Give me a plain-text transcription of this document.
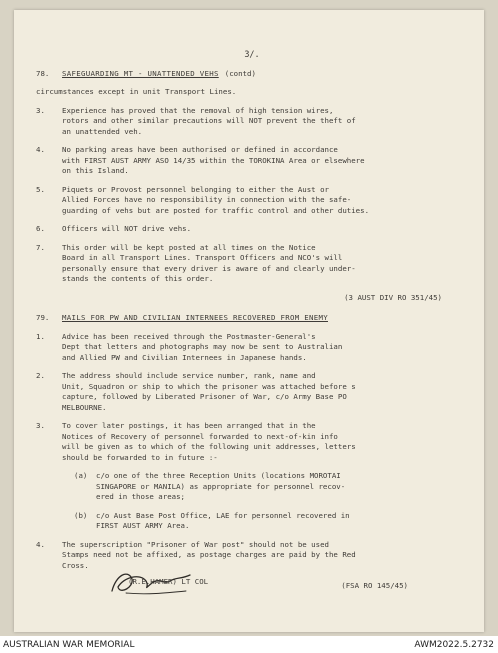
3/.
78.	SAFEGUARDING MT - UNATTENDED VEHS (contd)
circumstances except in unit Transport Lines.
3.	Experience has proved that the removal of high tension wires,
rotors and other similar precautions will NOT prevent the theft of
an unattended veh.
4.	No parking areas have been authorised or defined in accordance
with FIRST AUST ARMY ASO 14/35 within the TOROKINA Area or elsewhere
on this Island.
5.	Piquets or Provost personnel belonging to either the Aust or
Allied Forces have no responsibility in connection with the safe-
guarding of vehs but are posted for traffic control and other duties.
6.	Officers will NOT drive vehs.
7.	This order will be kept posted at all times on the Notice
Board in all Transport Lines. Transport Officers and NCO's will
personally ensure that every driver is aware of and clearly under-
stands the contents of this order.
(3 AUST DIV RO 351/45)
79.	MAILS FOR PW AND CIVILIAN INTERNEES RECOVERED FROM ENEMY
1.	Advice has been received through the Postmaster-General's
Dept that letters and photographs may now be sent to Australian
and Allied PW and Civilian Internees in Japanese hands.
2.	The address should include service number, rank, name and
Unit, Squadron or ship to which the prisoner was attached before s
capture, followed by Liberated Prisoner of War, c/o Army Base PO
MELBOURNE.
3.	To cover later postings, it has been arranged that in the
Notices of Recovery of personnel forwarded to next-of-kin info
will be given as to which of the following unit addresses, letters
should be forwarded to in future :-
(a)	c/o one of the three Reception Units (locations MOROTAI
SINGAPORE or MANILA) as appropriate for personnel recov-
ered in those areas;
(b)	c/o Aust Base Post Office, LAE for personnel recovered in
FIRST AUST ARMY Area.
4.	The superscription "Prisoner of War post" should not be used
Stamps need not be affixed, as postage charges are paid by the Red
Cross.
(R.E.HAMER) LT COL	(FSA RO 145/45)
AUSTRALIAN WAR MEMORIAL	AWM2022.5.2732
